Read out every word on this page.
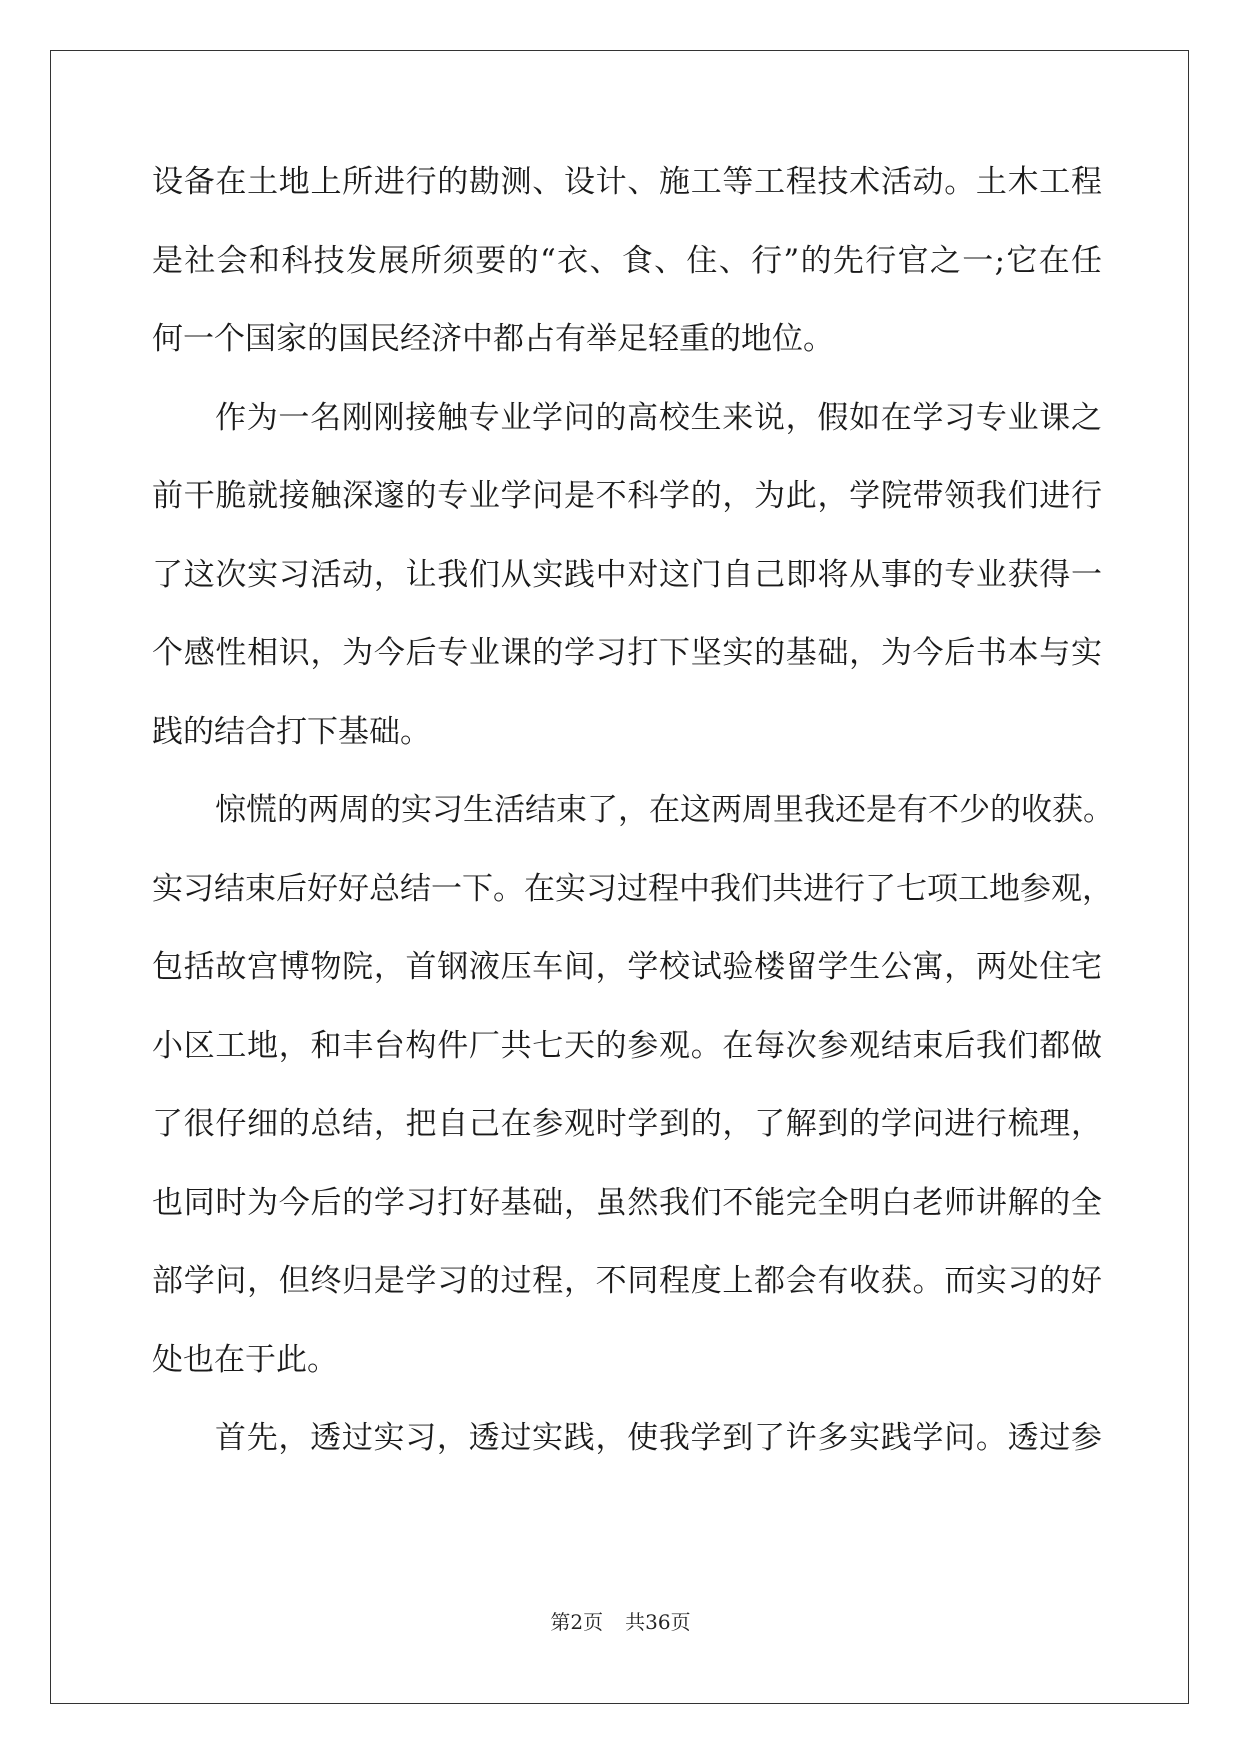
设备在土地上所进行的勘测、设计、施工等工程技术活动。土木工程
是社会和科技发展所须要的“衣、食、住、行”的先行官之一;它在任
何一个国家的国民经济中都占有举足轻重的地位。
作为一名刚刚接触专业学问的高校生来说，假如在学习专业课之
前干脆就接触深邃的专业学问是不科学的，为此，学院带领我们进行
了这次实习活动，让我们从实践中对这门自己即将从事的专业获得一
个感性相识，为今后专业课的学习打下坚实的基础，为今后书本与实
践的结合打下基础。
惊慌的两周的实习生活结束了，在这两周里我还是有不少的收获。
实习结束后好好总结一下。在实习过程中我们共进行了七项工地参观，
包括故宫博物院，首钢液压车间，学校试验楼留学生公寓，两处住宅
小区工地，和丰台构件厂共七天的参观。在每次参观结束后我们都做
了很仔细的总结，把自己在参观时学到的，了解到的学问进行梳理，
也同时为今后的学习打好基础，虽然我们不能完全明白老师讲解的全
部学问，但终归是学习的过程，不同程度上都会有收获。而实习的好
处也在于此。
首先，透过实习，透过实践，使我学到了许多实践学问。透过参
第2页 共36页
